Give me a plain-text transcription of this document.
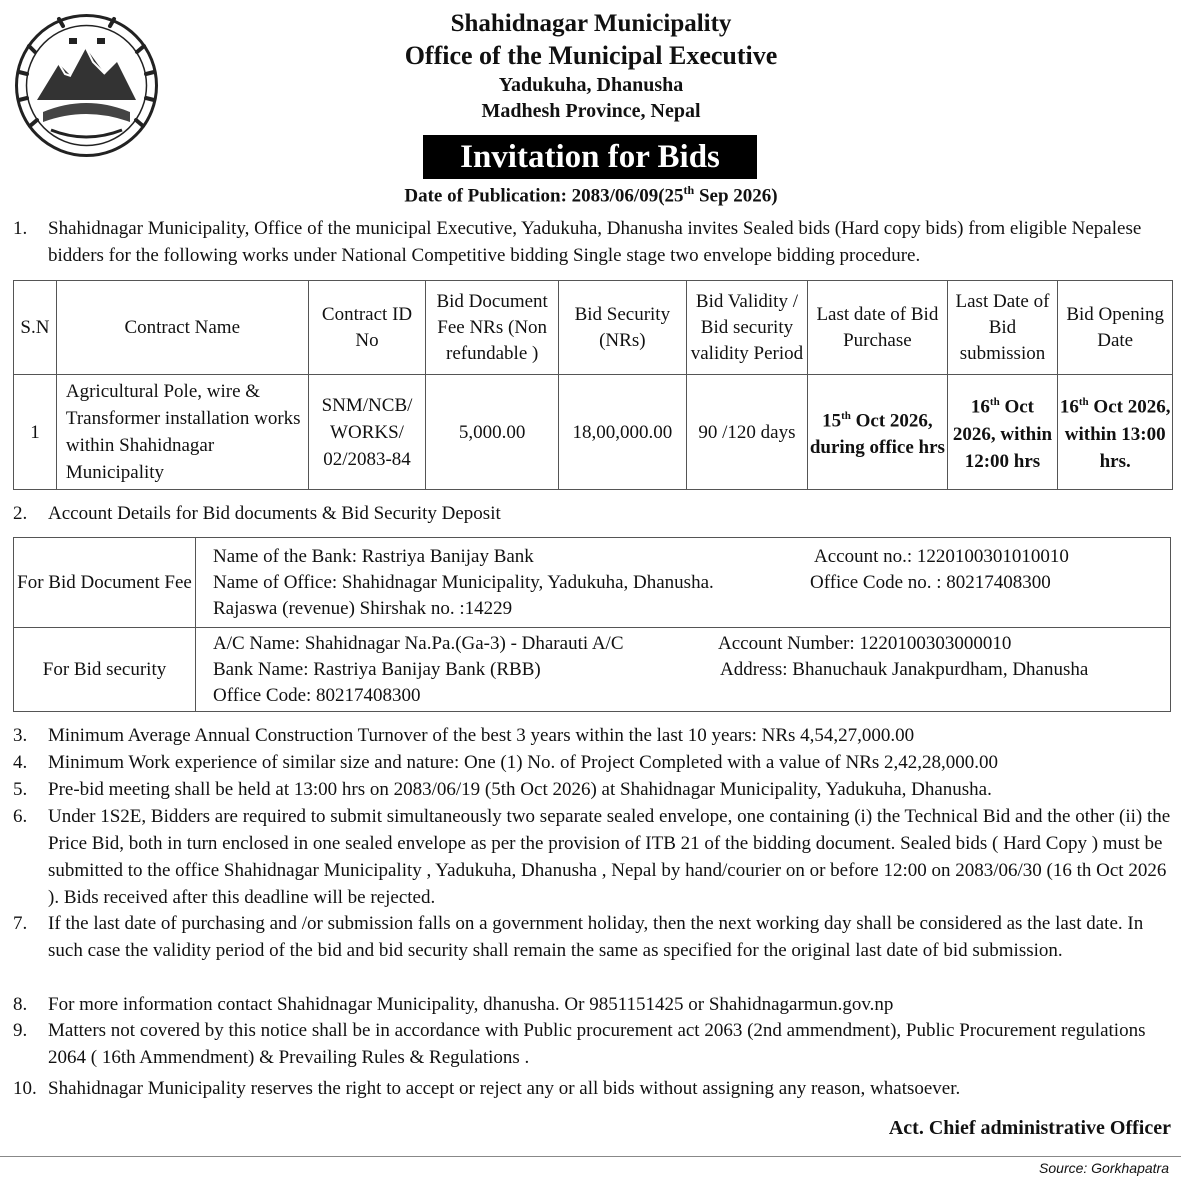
Shahidnagar Municipality
Office of the Municipal Executive
Yadukuha, Dhanusha
Madhesh Province, Nepal
Invitation for Bids
Date of Publication: 2083/06/09(25th Sep 2026)
1. Shahidnagar Municipality, Office of the municipal Executive, Yadukuha, Dhanusha invites Sealed bids (Hard copy bids) from eligible Nepalese bidders for the following works under National Competitive bidding Single stage two envelope bidding procedure.
S.N	Contract Name	Contract ID No	Bid Document Fee NRs (Non refundable )	Bid Security (NRs)	Bid Validity / Bid security validity Period	Last date of Bid Purchase	Last Date of Bid submission	Bid Opening Date
1	Agricultural Pole, wire & Transformer installation works within Shahidnagar Municipality	SNM/NCB/ WORKS/ 02/2083-84	5,000.00	18,00,000.00	90 /120 days	15th Oct 2026, during office hrs	16th Oct 2026, within 12:00 hrs	16th Oct 2026, within 13:00 hrs.
2. Account Details for Bid documents & Bid Security Deposit
For Bid Document Fee	Name of the Bank: Rastriya Banijay Bank Account no.: 1220100301010010
Name of Office: Shahidnagar Municipality, Yadukuha, Dhanusha. Office Code no. : 80217408300
Rajaswa (revenue) Shirshak no. :14229

For Bid security	A/C Name: Shahidnagar Na.Pa.(Ga-3) - Dharauti A/C Account Number: 1220100303000010
Bank Name: Rastriya Banijay Bank (RBB) Address: Bhanuchauk Janakpurdham, Dhanusha
Office Code: 80217408300
3. Minimum Average Annual Construction Turnover of the best 3 years within the last 10 years: NRs 4,54,27,000.00
4. Minimum Work experience of similar size and nature: One (1) No. of Project Completed with a value of NRs 2,42,28,000.00
5. Pre-bid meeting shall be held at 13:00 hrs on 2083/06/19 (5th Oct 2026) at Shahidnagar Municipality, Yadukuha, Dhanusha.
6. Under 1S2E, Bidders are required to submit simultaneously two separate sealed envelope, one containing (i) the Technical Bid and the other (ii) the Price Bid, both in turn enclosed in one sealed envelope as per the provision of ITB 21 of the bidding document. Sealed bids ( Hard Copy ) must be submitted to the office Shahidnagar Municipality , Yadukuha, Dhanusha , Nepal by hand/courier on or before 12:00 on 2083/06/30 (16 th Oct 2026 ). Bids received after this deadline will be rejected.
7. If the last date of purchasing and /or submission falls on a government holiday, then the next working day shall be considered as the last date. In such case the validity period of the bid and bid security shall remain the same as specified for the original last date of bid submission.
8. For more information contact Shahidnagar Municipality, dhanusha. Or 9851151425 or Shahidnagarmun.gov.np
9. Matters not covered by this notice shall be in accordance with Public procurement act 2063 (2nd ammendment), Public Procurement regulations 2064 ( 16th Ammendment) & Prevailing Rules & Regulations .
10. Shahidnagar Municipality reserves the right to accept or reject any or all bids without assigning any reason, whatsoever.
Act. Chief administrative Officer
Source: Gorkhapatra
